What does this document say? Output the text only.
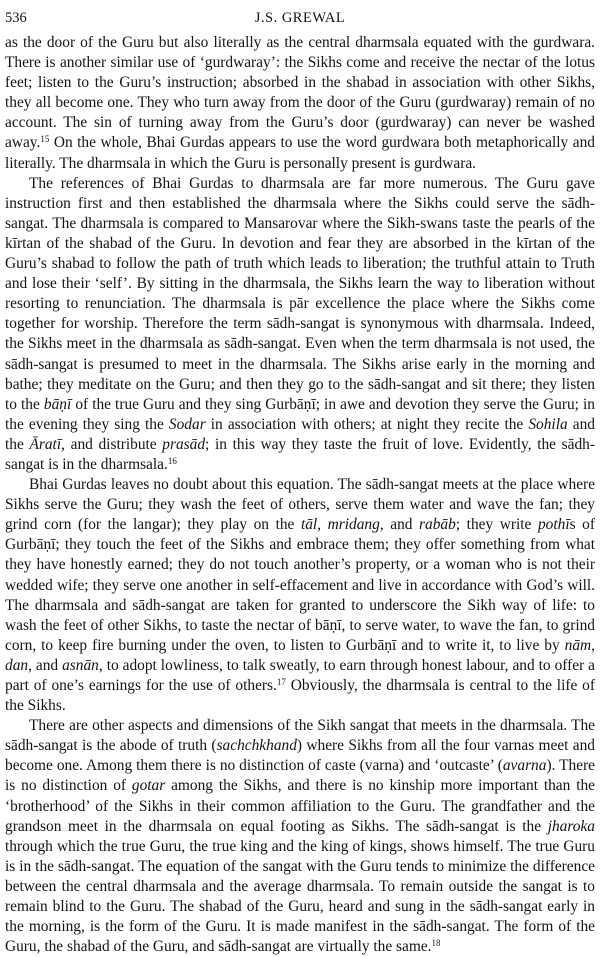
536	J.S. GREWAL

as the door of the Guru but also literally as the central dharmsala equated with the gurdwara. There is another similar use of ‘gurdwaray’: the Sikhs come and receive the nectar of the lotus feet; listen to the Guru’s instruction; absorbed in the shabad in association with other Sikhs, they all become one. They who turn away from the door of the Guru (gurdwaray) remain of no account. The sin of turning away from the Guru’s door (gurdwaray) can never be washed away.$^{15}$ On the whole, Bhai Gurdas appears to use the word gurdwara both metaphorically and literally. The dharmsala in which the Guru is personally present is gurdwara.

The references of Bhai Gurdas to dharmsala are far more numerous. The Guru gave instruction first and then established the dharmsala where the Sikhs could serve the sādh-sangat. The dharmsala is compared to Mansarovar where the Sikh-swans taste the pearls of the kīrtan of the shabad of the Guru. In devotion and fear they are absorbed in the kīrtan of the Guru’s shabad to follow the path of truth which leads to liberation; the truthful attain to Truth and lose their ‘self’. By sitting in the dharmsala, the Sikhs learn the way to liberation without resorting to renunciation. The dharmsala is pār excellence the place where the Sikhs come together for worship. Therefore the term sādh-sangat is synonymous with dharmsala. Indeed, the Sikhs meet in the dharmsala as sādh-sangat. Even when the term dharmsala is not used, the sādh-sangat is presumed to meet in the dharmsala. The Sikhs arise early in the morning and bathe; they meditate on the Guru; and then they go to the sādh-sangat and sit there; they listen to the bāṇī of the true Guru and they sing Gurbāṇī; in awe and devotion they serve the Guru; in the evening they sing the Sodar in association with others; at night they recite the Sohila and the Āratī, and distribute prasād; in this way they taste the fruit of love. Evidently, the sādh-sangat is in the dharmsala.$^{16}$

Bhai Gurdas leaves no doubt about this equation. The sādh-sangat meets at the place where Sikhs serve the Guru; they wash the feet of others, serve them water and wave the fan; they grind corn (for the langar); they play on the tāl, mridang, and rabāb; they write pothīs of Gurbāṇī; they touch the feet of the Sikhs and embrace them; they offer something from what they have honestly earned; they do not touch another’s property, or a woman who is not their wedded wife; they serve one another in self-effacement and live in accordance with God’s will. The dharmsala and sādh-sangat are taken for granted to underscore the Sikh way of life: to wash the feet of other Sikhs, to taste the nectar of bāṇī, to serve water, to wave the fan, to grind corn, to keep fire burning under the oven, to listen to Gurbāṇī and to write it, to live by nām, dan, and asnān, to adopt lowliness, to talk sweatly, to earn through honest labour, and to offer a part of one’s earnings for the use of others.$^{17}$ Obviously, the dharmsala is central to the life of the Sikhs.

There are other aspects and dimensions of the Sikh sangat that meets in the dharmsala. The sādh-sangat is the abode of truth (sachchkhand) where Sikhs from all the four varnas meet and become one. Among them there is no distinction of caste (varna) and ‘outcaste’ (avarna). There is no distinction of gotar among the Sikhs, and there is no kinship more important than the ‘brotherhood’ of the Sikhs in their common affiliation to the Guru. The grandfather and the grandson meet in the dharmsala on equal footing as Sikhs. The sādh-sangat is the jharoka through which the true Guru, the true king and the king of kings, shows himself. The true Guru is in the sādh-sangat. The equation of the sangat with the Guru tends to minimize the difference between the central dharmsala and the average dharmsala. To remain outside the sangat is to remain blind to the Guru. The shabad of the Guru, heard and sung in the sādh-sangat early in the morning, is the form of the Guru. It is made manifest in the sādh-sangat. The form of the Guru, the shabad of the Guru, and sādh-sangat are virtually the same.$^{18}$
